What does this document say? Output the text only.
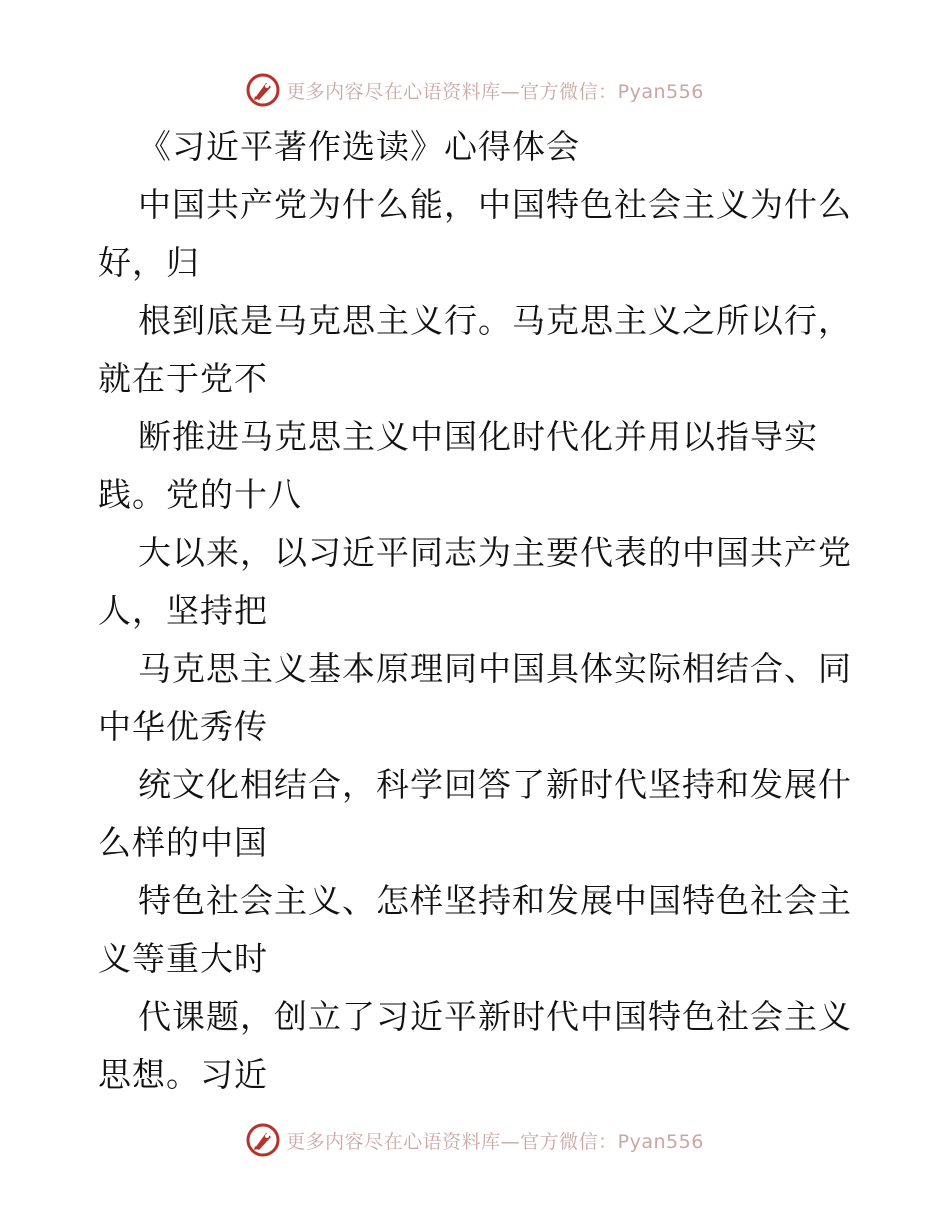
更多内容尽在心语资料库—官方微信：Pyan556
《习近平著作选读》心得体会
中国共产党为什么能，中国特色社会主义为什么
好，归
根到底是马克思主义行。马克思主义之所以行，
就在于党不
断推进马克思主义中国化时代化并用以指导实
践。党的十八
大以来，以习近平同志为主要代表的中国共产党
人，坚持把
马克思主义基本原理同中国具体实际相结合、同
中华优秀传
统文化相结合，科学回答了新时代坚持和发展什
么样的中国
特色社会主义、怎样坚持和发展中国特色社会主
义等重大时
代课题，创立了习近平新时代中国特色社会主义
思想。习近
更多内容尽在心语资料库—官方微信：Pyan556
